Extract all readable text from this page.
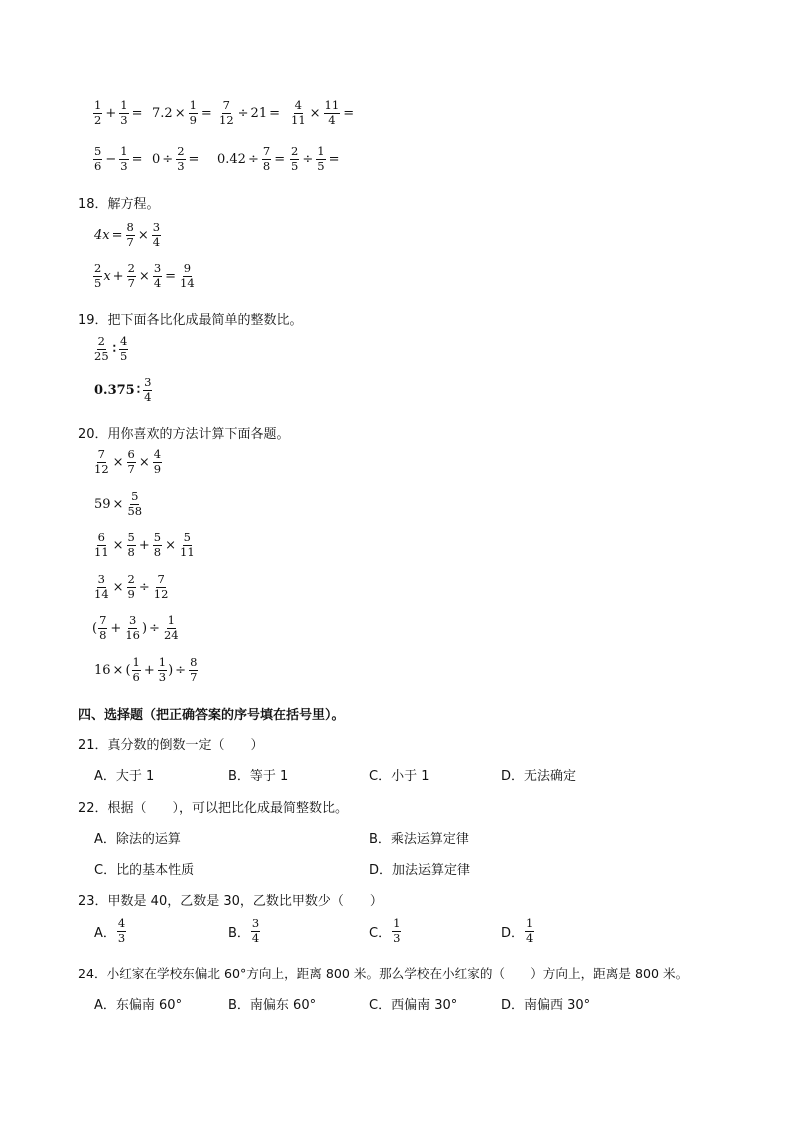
$\frac{1}{2} + \frac{1}{3} = 7.2 \times \frac{1}{9} = \frac{7}{12} \div 21 = \frac{4}{11} \times \frac{11}{4}$ =
$\frac{5}{6} - \frac{1}{3} = 0 \div \frac{2}{3} = 0.42 \div \frac{7}{8} = \frac{2}{5} \div \frac{1}{5}$ =
18．解方程。
$4x = \frac{8}{7} \times \frac{3}{4}$
$\frac{2}{5}$ $x + \frac{2}{7} \times \frac{3}{4} = \frac{9}{14}$
19．把下面各比化成最简单的整数比。
$\frac{2}{25}$ ∶ $\frac{4}{5}$
0.375 ∶ $\frac{3}{4}$
20．用你喜欢的方法计算下面各题。
$\frac{7}{12} \times \frac{6}{7} \times \frac{4}{9}$
$59 \times \frac{5}{58}$
$\frac{6}{11} \times \frac{5}{8} + \frac{5}{8} \times \frac{5}{11}$
$\frac{3}{14} \times \frac{2}{9} \div \frac{7}{12}$
( $\frac{7}{8} + \frac{3}{16}$ ) ÷ $\frac{1}{24}$
16 × ( $\frac{1}{6} + \frac{1}{3}$ ) ÷ $\frac{8}{7}$
四、选择题（把正确答案的序号填在括号里）。
21．真分数的倒数一定（　　）
A．大于 1	B．等于 1	C．小于 1	D．无法确定
22．根据（　　），可以把比化成最简整数比。
A．除法的运算	B．乘法运算定律
C．比的基本性质	D．加法运算定律
23．甲数是 40，乙数是 30，乙数比甲数少（　　）
A． $\frac{4}{3}$	B． $\frac{3}{4}$	C． $\frac{1}{3}$	D． $\frac{1}{4}$
24．小红家在学校东偏北 60°方向上，距离 800 米。那么学校在小红家的（　　）方向上，距离是 800 米。
A．东偏南 60°	B．南偏东 60°	C．西偏南 30°	D．南偏西 30°
